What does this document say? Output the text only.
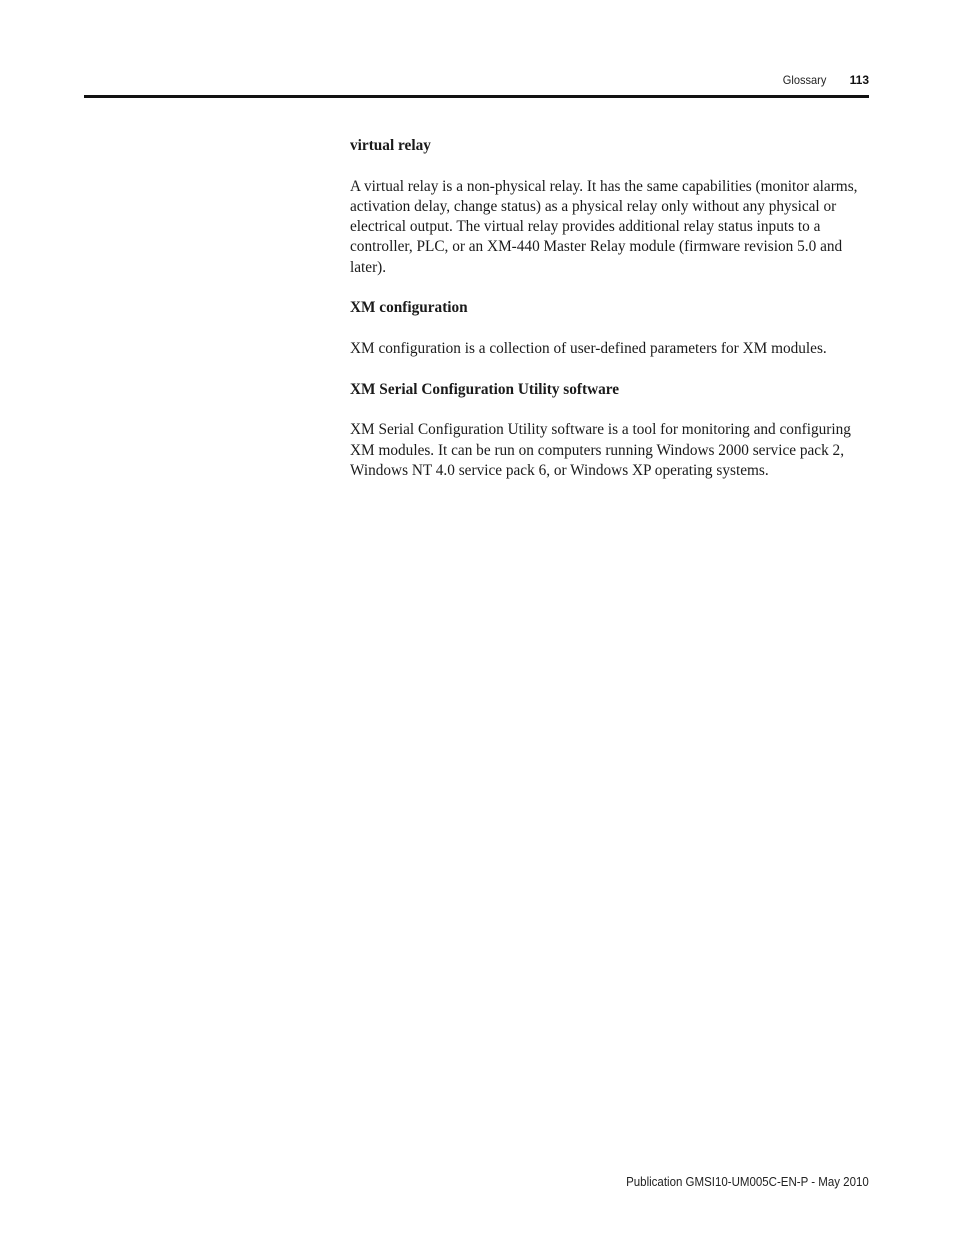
Glossary 113

virtual relay

A virtual relay is a non-physical relay. It has the same capabilities (monitor alarms, activation delay, change status) as a physical relay only without any physical or electrical output. The virtual relay provides additional relay status inputs to a controller, PLC, or an XM-440 Master Relay module (firmware revision 5.0 and later).

XM configuration

XM configuration is a collection of user-defined parameters for XM modules.

XM Serial Configuration Utility software

XM Serial Configuration Utility software is a tool for monitoring and configuring XM modules. It can be run on computers running Windows 2000 service pack 2, Windows NT 4.0 service pack 6, or Windows XP operating systems.

Publication GMSI10-UM005C-EN-P - May 2010
